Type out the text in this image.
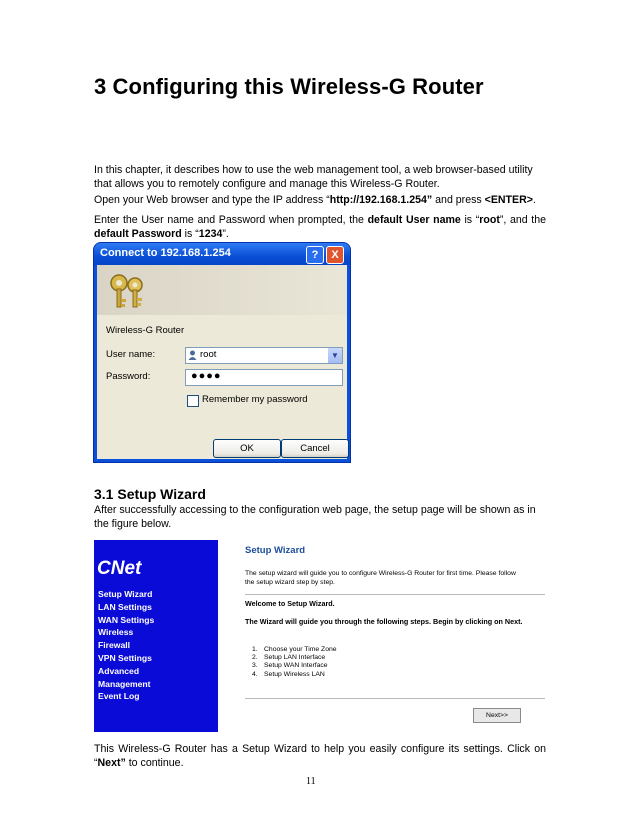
3 Configuring this Wireless-G Router

In this chapter, it describes how to use the web management tool, a web browser-based utility that allows you to remotely configure and manage this Wireless-G Router.

Open your Web browser and type the IP address “http://192.168.1.254” and press <ENTER>.

Enter the User name and Password when prompted, the default User name is “root”, and the default Password is “1234”.

Connect to 192.168.1.254	?	X
Wireless-G Router
User name:	root	▼
Password:	●●●●
Remember my password
OK	Cancel
3.1 Setup Wizard

After successfully accessing to the configuration web page, the setup page will be shown as in the figure below.

CNet
Setup Wizard
LAN Settings
WAN Settings
Wireless
Firewall
VPN Settings
Advanced
Management
Event Log
Setup Wizard

The setup wizard will guide you to configure Wireless-G Router for first time. Please follow the setup wizard step by step.

Welcome to Setup Wizard.

The Wizard will guide you through the following steps. Begin by clicking on Next.

1. Choose your Time Zone
2. Setup LAN Interface
3. Setup WAN Interface
4. Setup Wireless LAN
Next>>

This Wireless-G Router has a Setup Wizard to help you easily configure its settings. Click on “Next” to continue.

11
